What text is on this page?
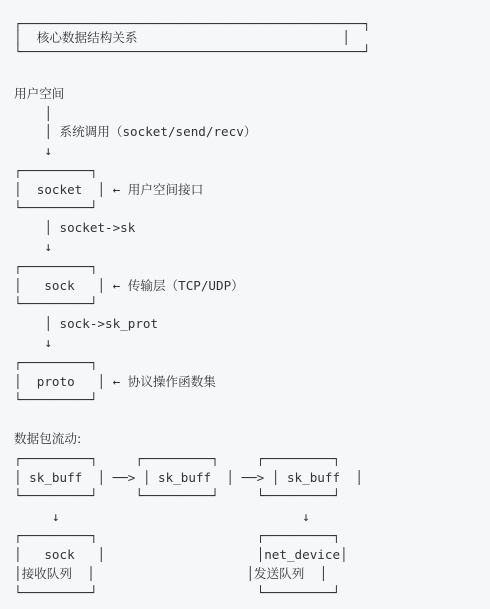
┌─────────────────────────────────────────────┐
│  核心数据结构关系                           │
└─────────────────────────────────────────────┘
用户空间
│
│ 系统调用（socket/send/recv）
↓
┌─────────┐
│  socket  │ ← 用户空间接口
└─────────┘
│ socket->sk
↓
┌─────────┐
│   sock   │ ← 传输层（TCP/UDP）
└─────────┘
│ sock->sk_prot
↓
┌─────────┐
│  proto   │ ← 协议操作函数集
└─────────┘
数据包流动:
┌─────────┐     ┌─────────┐     ┌─────────┐
│ sk_buff  │ ──> │ sk_buff  │ ──> │ sk_buff  │
└─────────┘     └─────────┘     └─────────┘
↓                                ↓
┌─────────┐                     ┌─────────┐
│   sock   │                    │net_device│
│接收队列  │                    │发送队列  │
└─────────┘                     └─────────┘
